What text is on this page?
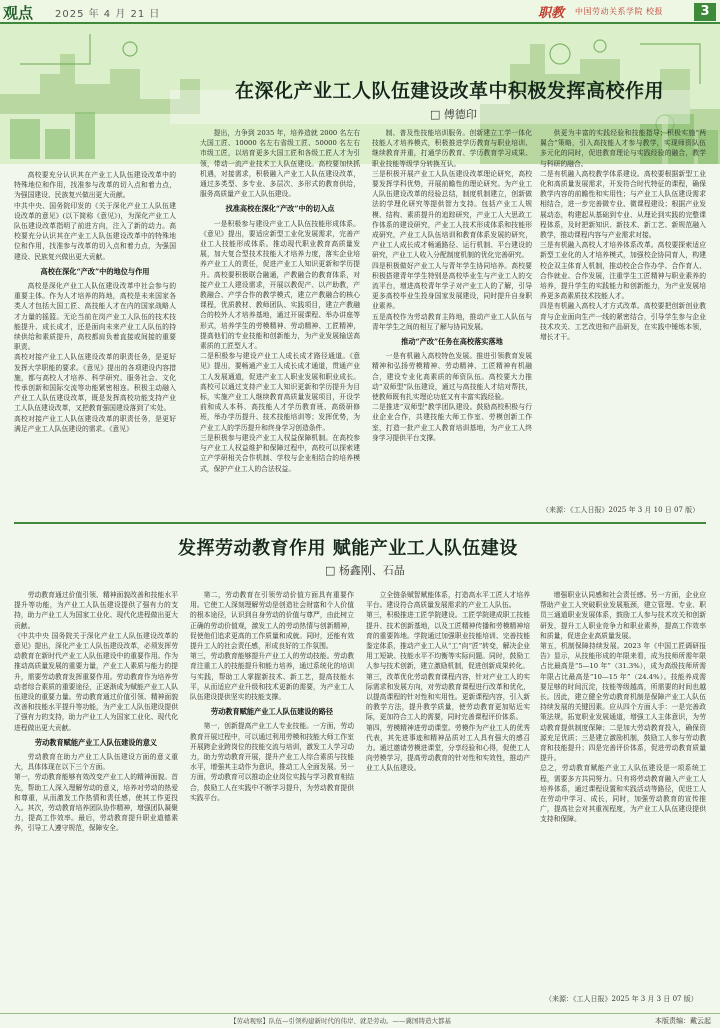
观点 2025 年 4 月 21 日	职教 中国劳动关系学院 校报	3
在深化产业工人队伍建设改革中积极发挥高校作用
□ 傅德印

高校要充分认识其在产业工人队伍建设改革中的特殊地位和作用，找准参与改革的切入点和着力点，为强国建设、民族复兴做出更大贡献。
中共中央、国务院印发的《关于深化产业工人队伍建设改革的意见》(以下简称《意见》)，为深化产业工人队伍建设改革指明了前进方向，注入了新的动力。高校要充分认识其在产业工人队伍建设改革中的特殊地位和作用，找准参与改革的切入点和着力点，为强国建设、民族复兴做出更大贡献。

高校在深化“产改”中的地位与作用

高校是深化产业工人队伍建设改革中社会参与的重要主体。作为人才培养的阵地，高校是未来国家各类人才包括大国工匠、高技能人才在内的国家战略人才力量的摇篮。无论当前在岗产业工人队伍的技术技能提升、成长成才，还是面向未来产业工人队伍的持续供给和素质提升，高校都肩负着直接或间接的重要职责。
高校对接产业工人队伍建设改革的职责任务，是更好发挥大学职能的要求。《意见》提出的各项建设内容措施，都与高校人才培养、科学研究、服务社会、文化传承创新和国际交流等功能紧密相连。积极主动融入产业工人队伍建设改革，既是发挥高校功能支持产业工人队伍建设改革，又把教育强国建设落到了实处。
高校对接产业工人队伍建设改革的职责任务，是更好满足产业工人队伍建设的需求。《意见》

提出，力争到 2035 年，培养造就 2000 名左右大国工匠、10000 名左右省级工匠、50000 名左右市级工匠，以培育更多大国工匠和各级工匠人才为引领，带动一流产业技术工人队伍建设。高校要加快抓机遇，对接需求，积极融入产业工人队伍建设改革，通过多类型、多专业、多层次、多形式的教育供给，服务高质量产业工人队伍建设。

找准高校在深化“产改”中的切入点

一是积极参与建设产业工人队伍技能形成体系。《意见》提出，要适应新型工业化发展需求，完善产业工人技能形成体系。推动现代职业教育高质量发展，加大复合型技术技能人才培养力度，落实企业培养产业工人的责任，促进产业工人知识更新和学历提升。高校要积极联合融通，产教融合的教育体系，对接产业工人建设需求，开展以教促产、以产助教，产教融合、产学合作的教学模式，建立产教融合的核心课程，优质教材、教师团队、实践项目，建立产教融合的校外人才培养基地，通过开展课程、举办讲座等形式，培养学生的劳模精神、劳动精神、工匠精神，提高他们的专业技能和创新能力，为产业发展输送高素质的工匠型人才。
二是积极参与建设产业工人成长成才路径通道。《意见》提出，要畅通产业工人成长成才通道，贯通产业工人发展通道，促进产业工人职业发展和职业成长。高校可以通过支持产业工人知识更新和学历提升为目标，实施产业工人继续教育高质量发展项目，开设学前和成人本科、高技能人才学历教育班、高级研修班，举办学历提升、技术技能培训等；发挥优势，为产业工人的学历提升和终身学习创造条件。
三是积极参与建设产业工人权益保障机制。在高校参与产业工人权益维护和保障过程中，高校可以探索建立产学研相关合作机制、学校与企业相结合的培养模式，保护产业工人的合法权益。

制、普及性技能培训服务。创新建立工学一体化技能人才培养模式，积极推进学历教育与职业培训、继续教育并重，打通学历教育、学历教育学习成果、职业技能等级学分转换互认。
三是积极开展产业工人队伍建设改革理论研究，高校要发挥学科优势，开展前瞻性的理论研究。为产业工人队伍建设改革的经验总结，制度机制建立，创新做法的学理化研究等提供智力支持。包括产业工人规模、结构、素质提升的追踪研究，产业工人大思政工作体系的建设研究，产业工人技术形成体系和技能形成研究，产业工人队伍培训和教育体系发展的研究，产业工人成长成才畅通路径、运行机制、平台建设的研究，产业工人收入分配制度机制的优化完善研究。
四是积极做好产业工人与青年学生协同培养。高校要积极搭建青年学生特别是高校毕业生与产业工人的交流平台，增进高校青年学子对产业工人的了解，引导更多高校毕业生投身国家发展建设，同时提升自身职业素养。
五是高校作为劳动教育主阵地，推动产业工人队伍与青年学生之间的相互了解与协同发展。

推动“产改”任务在高校落实落地

一是有机融入高校特色发展。推进引领教育发展精神和弘扬劳模精神、劳动精神、工匠精神有机融合，建设专业化高素质的师资队伍。高校要大力推动“双师型”队伍建设，通过与高技能人才结对帮扶，使教师既有扎实理论功底又有丰富实践经验。
二是推进“双师型”教学团队建设。鼓励高校积极与行业企业合作，共建技能大师工作室、劳模创新工作室，打造一批产业工人教育培训基地，为产业工人终身学习提供平台支撑。

供更为丰富的实践经验和技能指导；积极实施“两翼合”策略，引入高技能人才参与教学，实现师资队伍多元化的同时，促进教育理论与实践经验的融合，教学与科研的融合。
二是有机融入高校教学体系建设。高校要根据新型工业化和高质量发展需求，开发符合时代特征的课程，确保教学内容的前瞻性和实用性；与产业工人队伍建设需求相结合，进一步完善微专业、微课程建设；根据产业发展动态，构建起从基础到专业、从理论到实践的完整课程体系，及时把新知识、新技术、新工艺、新规范融入教学，推动课程内容与产业需求对接。
三是有机融入高校人才培养体系改革。高校要探索适应新型工业化的人才培养模式，加强校企协同育人，构建校企双主体育人机制，推动校企合作办学、合作育人、合作就业、合作发展，注重学生工匠精神与职业素养的培养，提升学生的实践能力和创新能力，为产业发展培养更多高素质技术技能人才。
四是有机融入高校人才方式改革。高校要把创新创业教育与企业面向生产一线的紧密结合，引导学生参与企业技术攻关、工艺改进和产品研发，在实践中锤炼本领，增长才干。

（来源：《工人日报》2025 年 3 月 10 日 07 版）
发挥劳动教育作用 赋能产业工人队伍建设
□ 杨鑫刚、石晶

劳动教育通过价值引领、精神面貌改善和技能水平提升等功能，为产业工人队伍建设提供了强有力的支持，助力产业工人为国家工业化、现代化进程做出更大贡献。
《中共中央 国务院关于深化产业工人队伍建设改革的意见》提出，深化产业工人队伍建设改革，必须发挥劳动教育在新时代产业工人队伍建设中的重要作用。作为推动高质量发展的重要力量，产业工人素质与能力的提升，需要劳动教育发挥重要作用。劳动教育作为培养劳动者综合素质的重要途径，正逐渐成为赋能产业工人队伍建设的重要力量。劳动教育通过价值引领、精神面貌改善和技能水平提升等功能，为产业工人队伍建设提供了强有力的支持，助力产业工人为国家工业化、现代化进程做出更大贡献。

劳动教育赋能产业工人队伍建设的意义

劳动教育在助力产业工人队伍建设方面的意义重大，具体体现在以下三个方面。
第一，劳动教育能够有效改变产业工人的精神面貌。首先，帮助工人深入理解劳动的意义，培养对劳动的热爱和尊重，从而激发工作热情和责任感，使其工作更投入。其次，劳动教育培养团队协作精神，增强团队凝聚力，提高工作效率。最后，劳动教育提升职业道德素养，引导工人遵守规范，保障安全。

第二，劳动教育在引领劳动价值方面具有重要作用。它使工人深刻理解劳动是创造社会财富和个人价值的根本途径，认识到自身劳动的价值与尊严，由此树立正确的劳动价值观，激发工人的劳动热情与创新精神，促使他们追求更高的工作质量和成就。同时，还能有效提升工人的社会责任感，形成良好的工作氛围。
第三，劳动教育能够提升产业工人的劳动技能。劳动教育注重工人的技能提升和能力培养，通过系统化的培训与实践，帮助工人掌握新技术、新工艺，提高技能水平，从而适应产业升级和技术更新的需要，为产业工人队伍建设提供坚实的技能支撑。

劳动教育赋能产业工人队伍建设的路径

第一，创新提高产业工人专业技能。一方面，劳动教育开展过程中，可以通过利用劳模和技能大师工作室开展跨企业跨岗位的技能交流与培训，激发工人学习动力，助力劳动教育开展，提升产业工人综合素质与技能水平，增强其主动作为意识，推动工人全面发展。另一方面，劳动教育可以推动企业岗位实践与学习教育相结合，鼓励工人在实践中不断学习提升，为劳动教育提供实践平台。

立全链条赋智赋能体系，打造高水平工匠人才培养平台。建设符合高质量发展需求的产业工人队伍。
第三，积极推进工匠学院建设。工匠学院建成职工技能提升、技术创新基地，以及工匠精神传播和劳模精神培育的重要阵地。学院通过加强职业技能培训、完善技能鉴定体系，推动产业工人从“工”向“匠”转变，解决企业用工短缺、技能水平不均衡等实际问题。同时，鼓励工人参与技术创新，建立激励机制，促进创新成果转化。
第三，改革优化劳动教育课程内容，针对产业工人的实际需求和发展方向，对劳动教育课程进行改革和优化，以提高课程的针对性和实用性。更新课程内容，引入新的教学方法，提升教学质量，使劳动教育更加贴近实际，更加符合工人的需要，同时完善课程评价体系。
第四，劳模精神进劳动课堂。劳模作为产业工人的优秀代表，其先进事迹和精神品质对工人具有强大的感召力。通过邀请劳模进课堂，分享经验和心得，促使工人向劳模学习，提高劳动教育的针对性和实效性，推动产业工人队伍建设。

增强职业认同感和社会责任感。另一方面，企业应帮助产业工人突破职业发展瓶颈，建立管理、专业、职员三通道职业发展体系，鼓励工人参与技术攻关和创新研发，提升工人职业竞争力和职业素养，提高工作效率和质量，促进企业高质量发展。
第五，机制保障持续发展。2023 年《中国工匠调研报告》显示，从技能形成的年限来看，成为技师所需年限占比最高是“5—10 年”（31.3%），成为高级技师所需年限占比最高是“10—15 年”（24.4%）。技能养成需要足够的时间沉淀，技能等级越高，所需要的时间也越长。因此，建立健全劳动教育机制是保障产业工人队伍持续发展的关键因素。应从四个方面人手：一是完善政策法规，拓宽职业发展通道，增强工人主体意识，为劳动教育提供制度保障；二是加大劳动教育投入，确保资源充足优质；三是建立激励机制，鼓励工人参与劳动教育和技能提升；四是完善评价体系，促进劳动教育质量提升。
总之，劳动教育赋能产业工人队伍建设是一项系统工程，需要多方共同努力。只有将劳动教育融入产业工人培养体系，通过课程设置和实践活动等路径，促进工人在劳动中学习、成长，同时，加强劳动教育的宣传推广，提高社会对其重视程度，为产业工人队伍建设提供支持和保障。

（来源：《工人日报》2025 年 3 月 3 日 07 版）
【劳动观察】队伍—引领构建新时代的伟岸、就是劳动。——冀国铸造大都基	本版责编：戴云起
